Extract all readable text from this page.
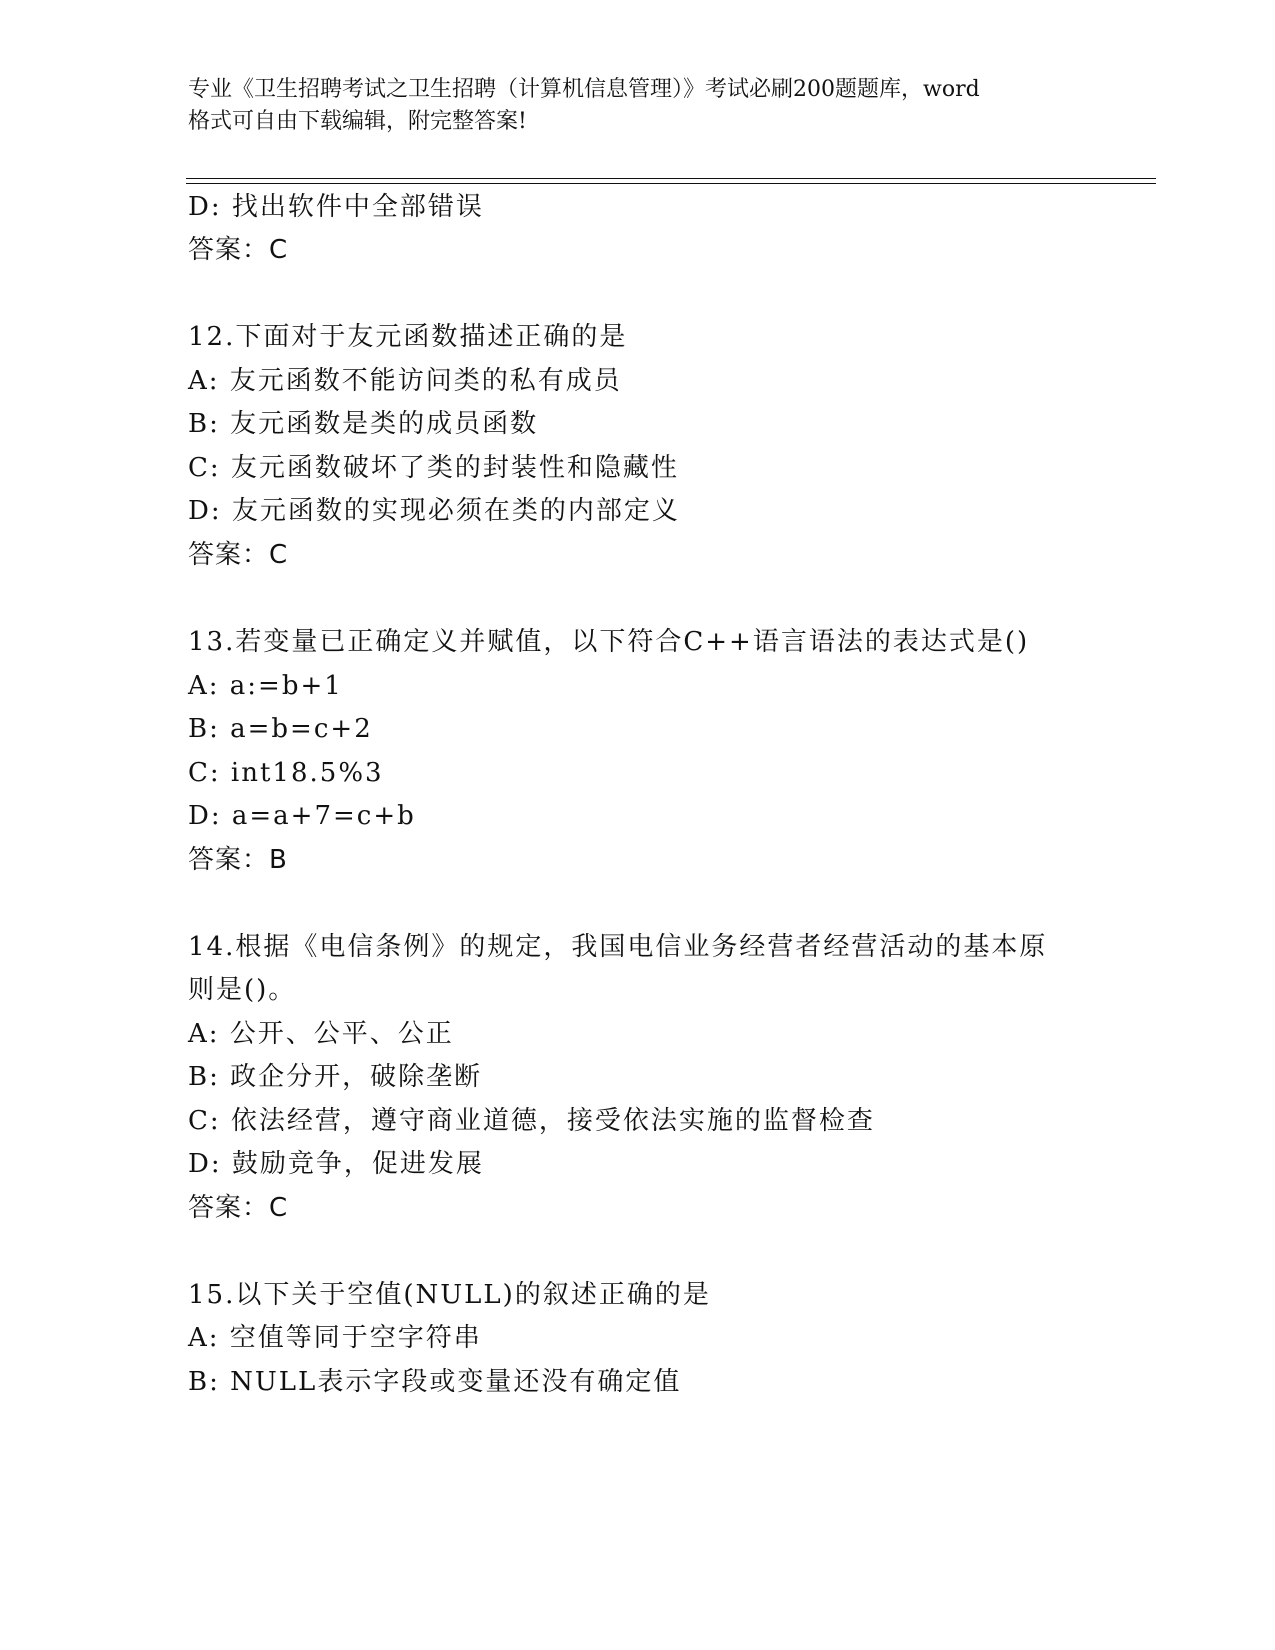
专业《卫生招聘考试之卫生招聘（计算机信息管理）》考试必刷200题题库，word
格式可自由下载编辑，附完整答案!
D: 找出软件中全部错误
答案：C
12.下面对于友元函数描述正确的是
A: 友元函数不能访问类的私有成员
B: 友元函数是类的成员函数
C: 友元函数破坏了类的封装性和隐藏性
D: 友元函数的实现必须在类的内部定义
答案：C
13.若变量已正确定义并赋值，以下符合C++语言语法的表达式是()
A: a:=b+1
B: a=b=c+2
C: int18.5%3
D: a=a+7=c+b
答案：B
14.根据《电信条例》的规定，我国电信业务经营者经营活动的基本原
则是()。
A: 公开、公平、公正
B: 政企分开，破除垄断
C: 依法经营，遵守商业道德，接受依法实施的监督检查
D: 鼓励竞争，促进发展
答案：C
15.以下关于空值(NULL)的叙述正确的是
A: 空值等同于空字符串
B: NULL表示字段或变量还没有确定值
